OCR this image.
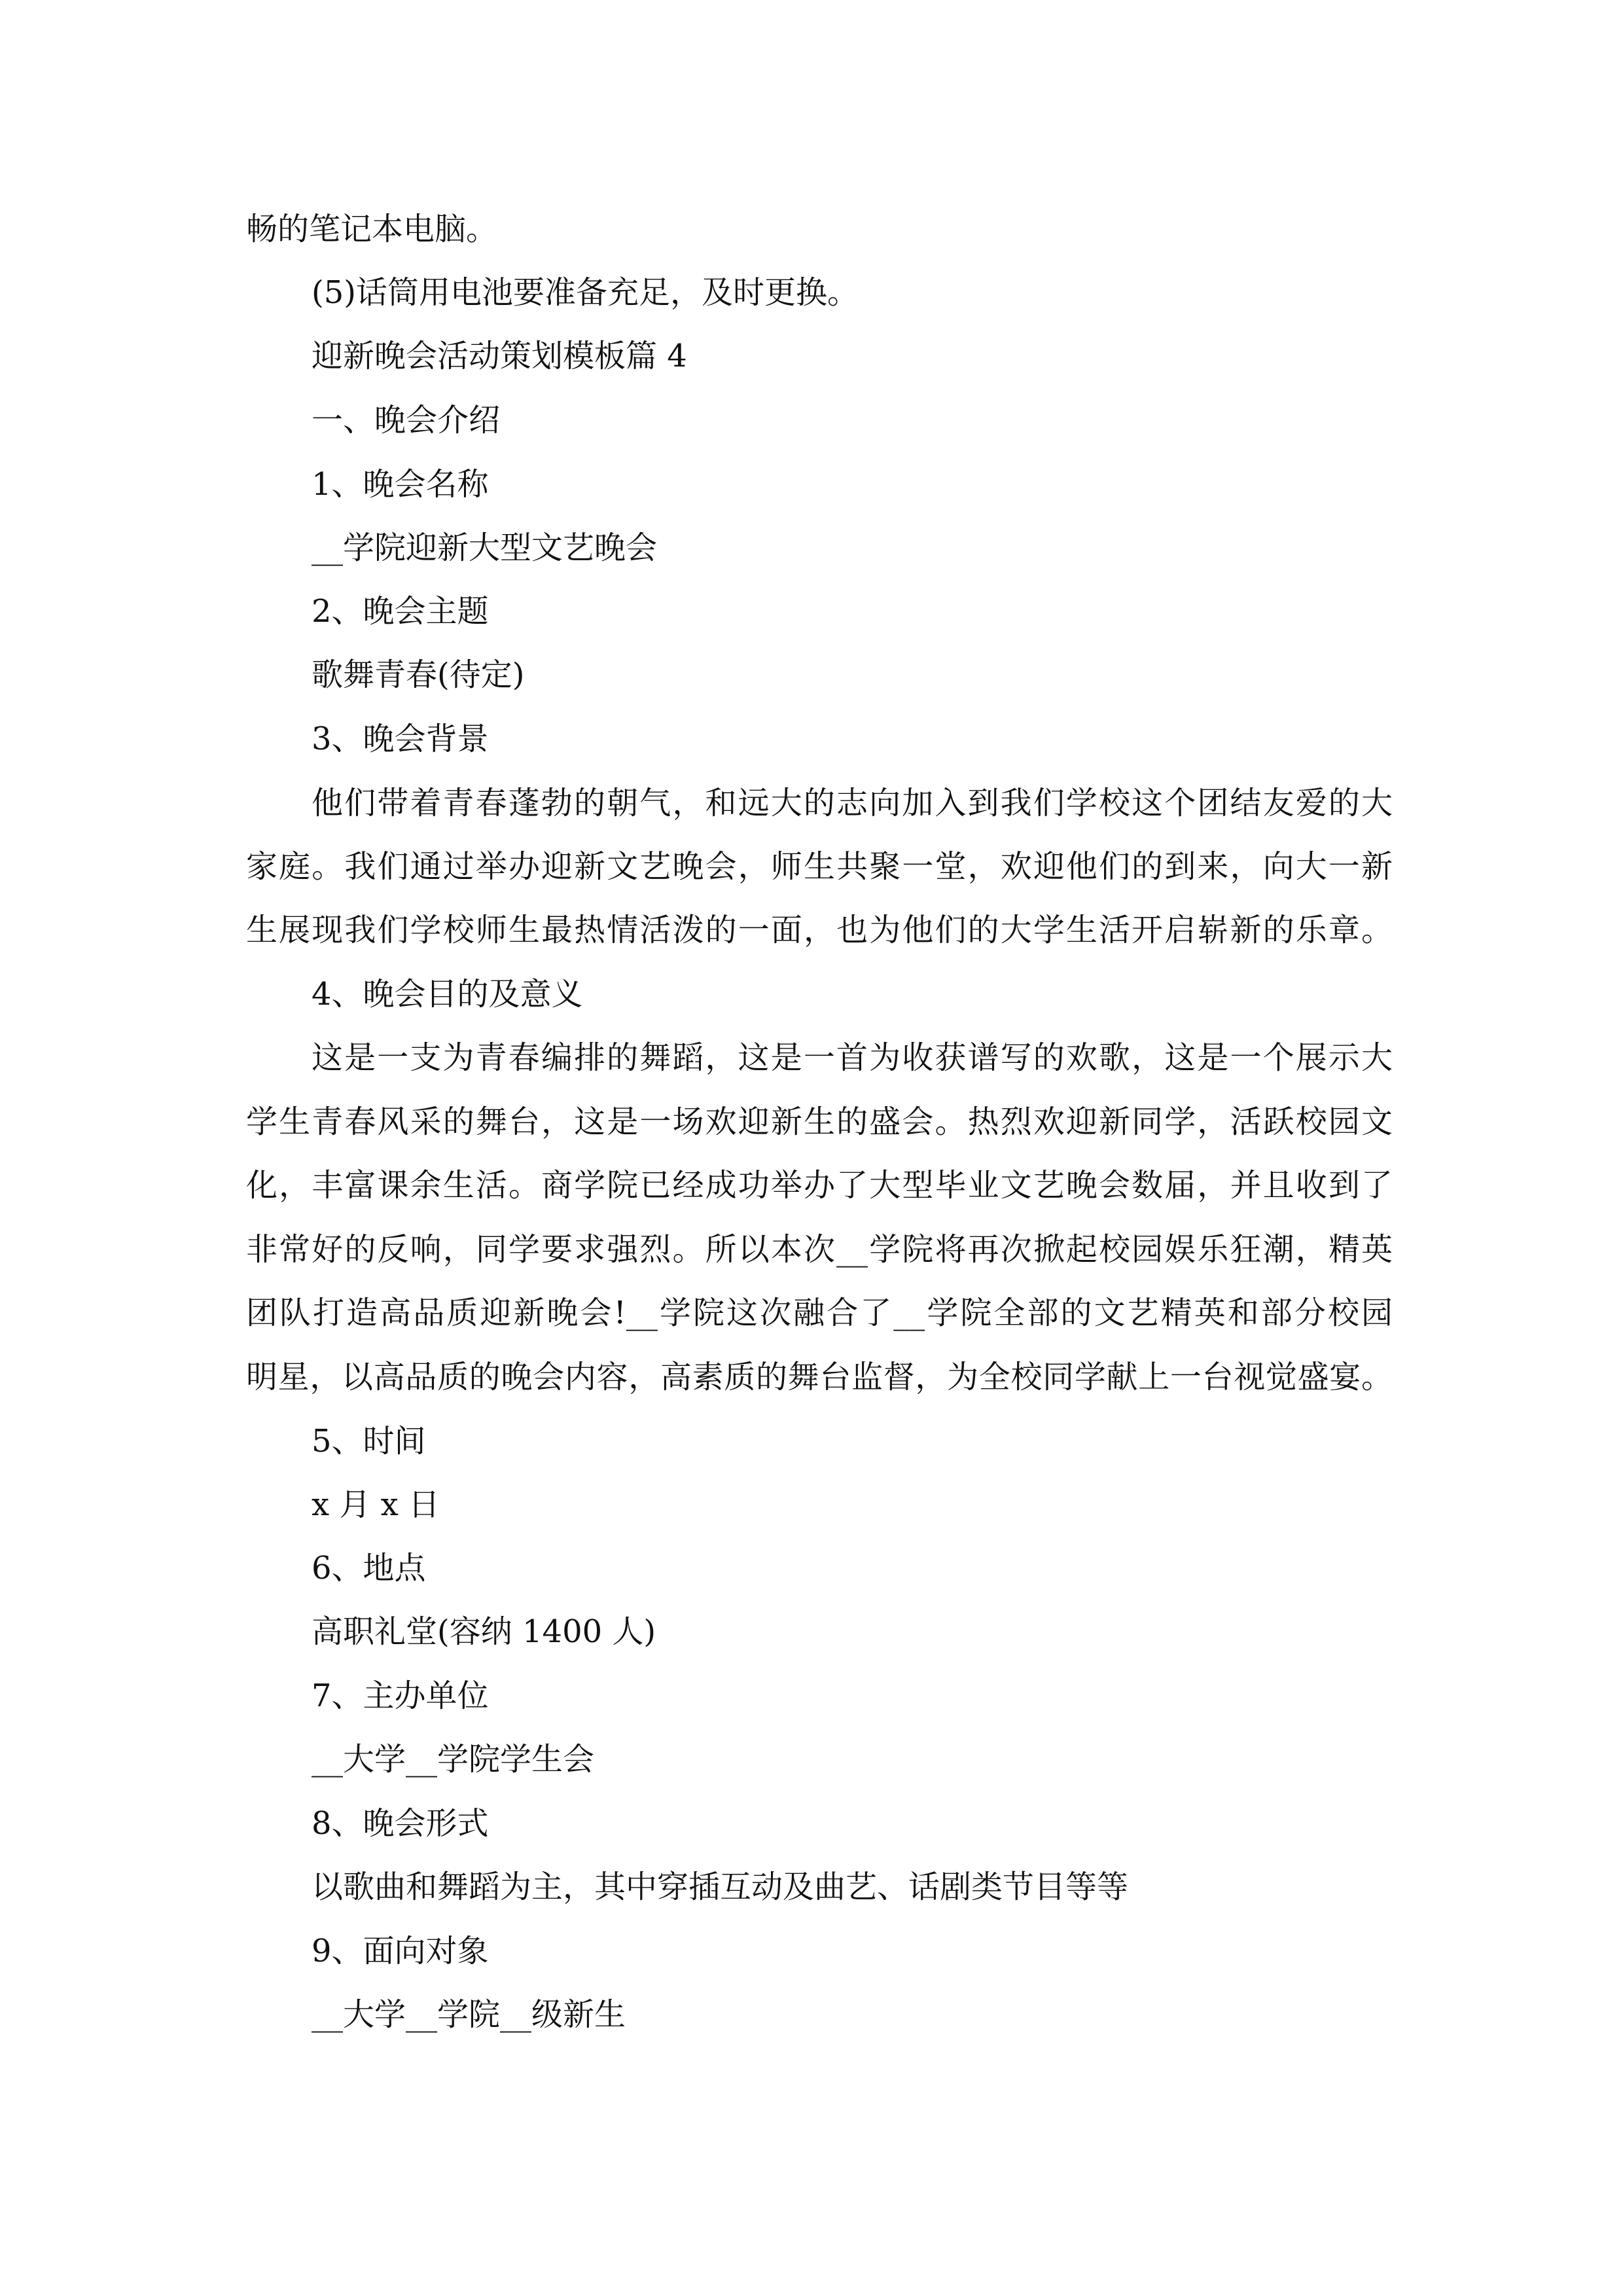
畅的笔记本电脑。
(5)话筒用电池要准备充足，及时更换。
迎新晚会活动策划模板篇 4
一、晚会介绍
1、晚会名称
__学院迎新大型文艺晚会
2、晚会主题
歌舞青春(待定)
3、晚会背景
他们带着青春蓬勃的朝气，和远大的志向加入到我们学校这个团结友爱的大
家庭。我们通过举办迎新文艺晚会，师生共聚一堂，欢迎他们的到来，向大一新
生展现我们学校师生最热情活泼的一面，也为他们的大学生活开启崭新的乐章。
4、晚会目的及意义
这是一支为青春编排的舞蹈，这是一首为收获谱写的欢歌，这是一个展示大
学生青春风采的舞台，这是一场欢迎新生的盛会。热烈欢迎新同学，活跃校园文
化，丰富课余生活。商学院已经成功举办了大型毕业文艺晚会数届，并且收到了
非常好的反响，同学要求强烈。所以本次__学院将再次掀起校园娱乐狂潮，精英
团队打造高品质迎新晚会!__学院这次融合了__学院全部的文艺精英和部分校园
明星，以高品质的晚会内容，高素质的舞台监督，为全校同学献上一台视觉盛宴。
5、时间
x 月 x 日
6、地点
高职礼堂(容纳 1400 人)
7、主办单位
__大学__学院学生会
8、晚会形式
以歌曲和舞蹈为主，其中穿插互动及曲艺、话剧类节目等等
9、面向对象
__大学__学院__级新生
